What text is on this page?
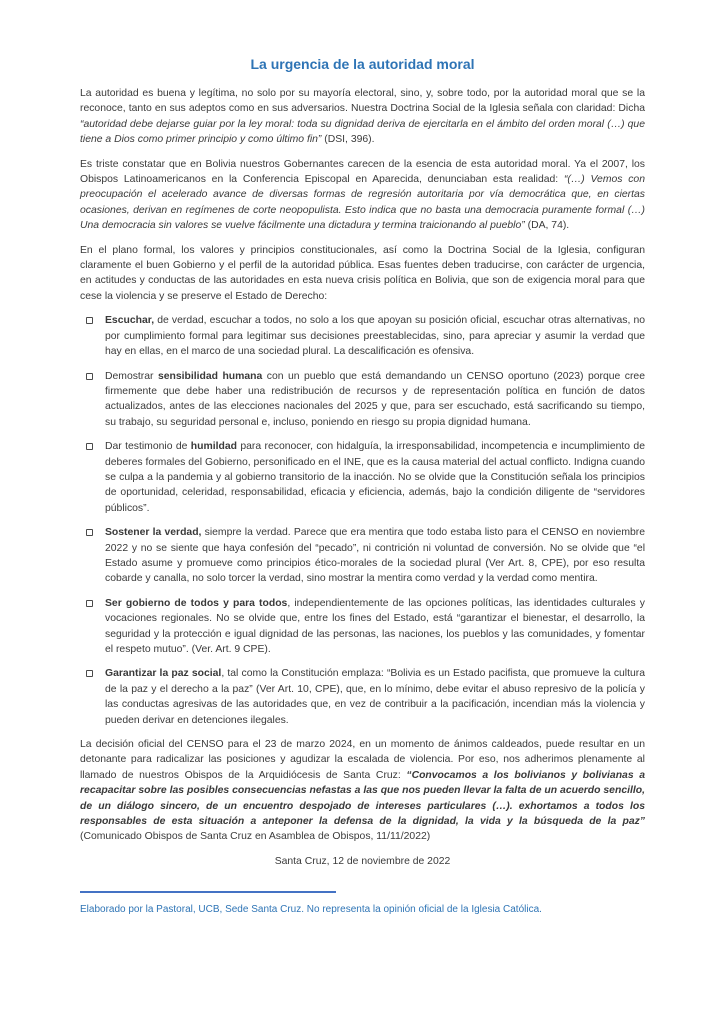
La urgencia de la autoridad moral

La autoridad es buena y legítima, no solo por su mayoría electoral, sino, y, sobre todo, por la autoridad moral que se la reconoce, tanto en sus adeptos como en sus adversarios. Nuestra Doctrina Social de la Iglesia señala con claridad: Dicha “autoridad debe dejarse guiar por la ley moral: toda su dignidad deriva de ejercitarla en el ámbito del orden moral (…) que tiene a Dios como primer principio y como último fin” (DSI, 396).

Es triste constatar que en Bolivia nuestros Gobernantes carecen de la esencia de esta autoridad moral. Ya el 2007, los Obispos Latinoamericanos en la Conferencia Episcopal en Aparecida, denunciaban esta realidad: “(…) Vemos con preocupación el acelerado avance de diversas formas de regresión autoritaria por vía democrática que, en ciertas ocasiones, derivan en regímenes de corte neopopulista. Esto indica que no basta una democracia puramente formal (…) Una democracia sin valores se vuelve fácilmente una dictadura y termina traicionando al pueblo” (DA, 74).

En el plano formal, los valores y principios constitucionales, así como la Doctrina Social de la Iglesia, configuran claramente el buen Gobierno y el perfil de la autoridad pública. Esas fuentes deben traducirse, con carácter de urgencia, en actitudes y conductas de las autoridades en esta nueva crisis política en Bolivia, que son de exigencia moral para que cese la violencia y se preserve el Estado de Derecho:

Escuchar, de verdad, escuchar a todos, no solo a los que apoyan su posición oficial, escuchar otras alternativas, no por cumplimiento formal para legitimar sus decisiones preestablecidas, sino, para apreciar y asumir la verdad que hay en ellas, en el marco de una sociedad plural. La descalificación es ofensiva.
Demostrar sensibilidad humana con un pueblo que está demandando un CENSO oportuno (2023) porque cree firmemente que debe haber una redistribución de recursos y de representación política en función de datos actualizados, antes de las elecciones nacionales del 2025 y que, para ser escuchado, está sacrificando su tiempo, su trabajo, su seguridad personal e, incluso, poniendo en riesgo su propia dignidad humana.
Dar testimonio de humildad para reconocer, con hidalguía, la irresponsabilidad, incompetencia e incumplimiento de deberes formales del Gobierno, personificado en el INE, que es la causa material del actual conflicto. Indigna cuando se culpa a la pandemia y al gobierno transitorio de la inacción. No se olvide que la Constitución señala los principios de oportunidad, celeridad, responsabilidad, eficacia y eficiencia, además, bajo la condición diligente de “servidores públicos”.
Sostener la verdad, siempre la verdad. Parece que era mentira que todo estaba listo para el CENSO en noviembre 2022 y no se siente que haya confesión del “pecado”, ni contrición ni voluntad de conversión. No se olvide que “el Estado asume y promueve como principios ético-morales de la sociedad plural (Ver Art. 8, CPE), por eso resulta cobarde y canalla, no solo torcer la verdad, sino mostrar la mentira como verdad y la verdad como mentira.
Ser gobierno de todos y para todos, independientemente de las opciones políticas, las identidades culturales y vocaciones regionales. No se olvide que, entre los fines del Estado, está “garantizar el bienestar, el desarrollo, la seguridad y la protección e igual dignidad de las personas, las naciones, los pueblos y las comunidades, y fomentar el respeto mutuo”. (Ver. Art. 9 CPE).
Garantizar la paz social, tal como la Constitución emplaza: “Bolivia es un Estado pacifista, que promueve la cultura de la paz y el derecho a la paz” (Ver Art. 10, CPE), que, en lo mínimo, debe evitar el abuso represivo de la policía y las conductas agresivas de las autoridades que, en vez de contribuir a la pacificación, incendian más la violencia y pueden derivar en detenciones ilegales.

La decisión oficial del CENSO para el 23 de marzo 2024, en un momento de ánimos caldeados, puede resultar en un detonante para radicalizar las posiciones y agudizar la escalada de violencia. Por eso, nos adherimos plenamente al llamado de nuestros Obispos de la Arquidiócesis de Santa Cruz: “Convocamos a los bolivianos y bolivianas a recapacitar sobre las posibles consecuencias nefastas a las que nos pueden llevar la falta de un acuerdo sencillo, de un diálogo sincero, de un encuentro despojado de intereses particulares (…). exhortamos a todos los responsables de esta situación a anteponer la defensa de la dignidad, la vida y la búsqueda de la paz” (Comunicado Obispos de Santa Cruz en Asamblea de Obispos, 11/11/2022)

Santa Cruz, 12 de noviembre de 2022
Elaborado por la Pastoral, UCB, Sede Santa Cruz. No representa la opinión oficial de la Iglesia Católica.
